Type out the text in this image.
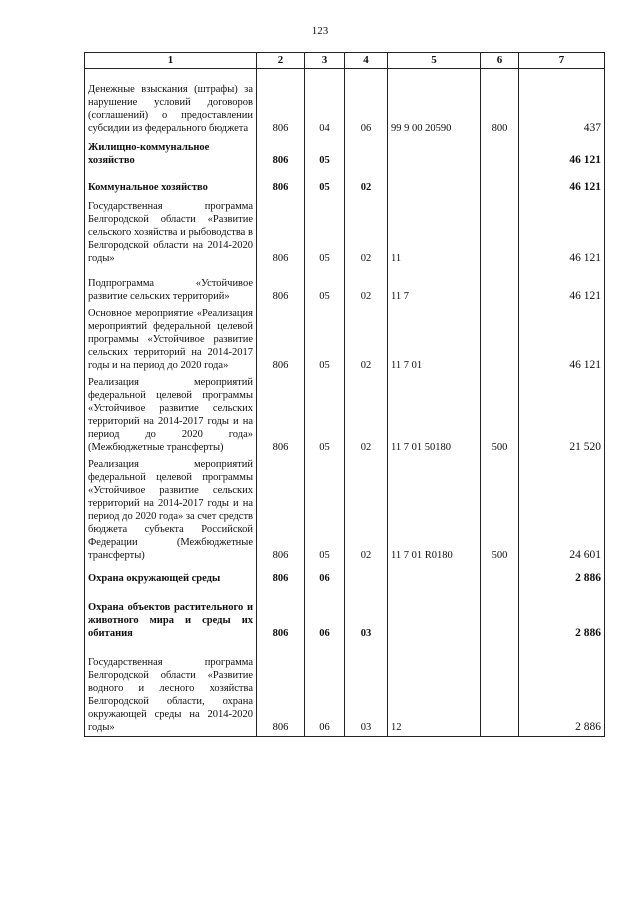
123
1	2	3	4	5	6	7
Денежные взыскания (штрафы) за нарушение условий договоров (соглашений) о предоставлении субсидии из федерального бюджета	806	04	06	99 9 00 20590	800	437
Жилищно-коммунальное хозяйство	806	05				46 121
Коммунальное хозяйство	806	05	02			46 121
Государственная программа Белгородской области «Развитие сельского хозяйства и рыбоводства в Белгородской области на 2014-2020 годы»	806	05	02	11		46 121
Подпрограмма «Устойчивое развитие сельских территорий»	806	05	02	11 7		46 121
Основное мероприятие «Реализация мероприятий федеральной целевой программы «Устойчивое развитие сельских территорий на 2014-2017 годы и на период до 2020 года»	806	05	02	11 7 01		46 121
Реализация мероприятий федеральной целевой программы «Устойчивое развитие сельских территорий на 2014-2017 годы и на период до 2020 года» (Межбюджетные трансферты)	806	05	02	11 7 01 50180	500	21 520
Реализация мероприятий федеральной целевой программы «Устойчивое развитие сельских территорий на 2014-2017 годы и на период до 2020 года» за счет средств бюджета субъекта Российской Федерации (Межбюджетные трансферты)	806	05	02	11 7 01 R0180	500	24 601
Охрана окружающей среды	806	06				2 886
Охрана объектов растительного и животного мира и среды их обитания	806	06	03			2 886
Государственная программа Белгородской области «Развитие водного и лесного хозяйства Белгородской области, охрана окружающей среды на 2014-2020 годы»	806	06	03	12		2 886
